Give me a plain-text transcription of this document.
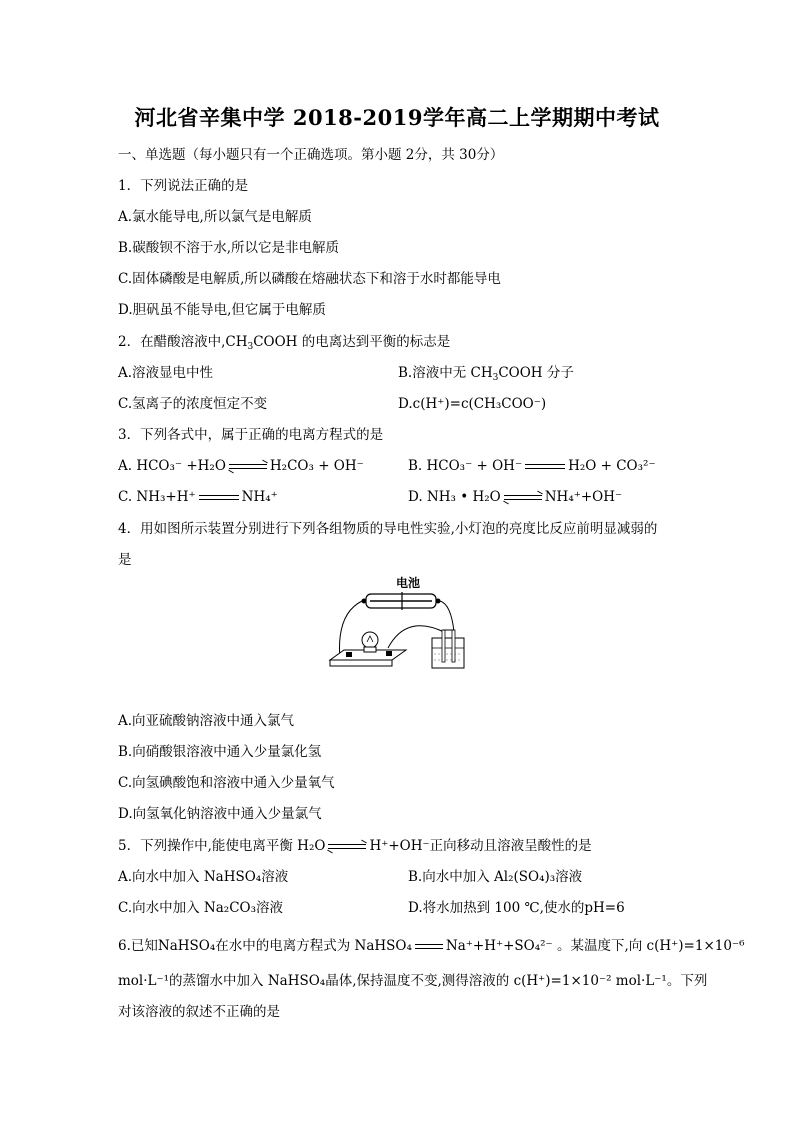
河北省辛集中学 2018-2019学年高二上学期期中考试
一、单选题（每小题只有一个正确选项。第小题 2分，共 30分）
1．下列说法正确的是
A.氯水能导电,所以氯气是电解质
B.碳酸钡不溶于水,所以它是非电解质
C.固体磷酸是电解质,所以磷酸在熔融状态下和溶于水时都能导电
D.胆矾虽不能导电,但它属于电解质
2．在醋酸溶液中$,CH_3COOH$ 的电离达到平衡的标志是
A.溶液显电中性	B.溶液中无 $CH_3COOH$ 分子
C.氢离子的浓度恒定不变	D.c(H⁺)=c(CH₃COO⁻)
3．下列各式中，属于正确的电离方程式的是
A. HCO₃⁻ +H₂O	H₂CO₃ + OH⁻	B. HCO₃⁻ + OH⁻	H₂O + CO₃²⁻
C. NH₃+H⁺	NH₄⁺	D. NH₃ • H₂O	NH₄⁺+OH⁻
4．用如图所示装置分别进行下列各组物质的导电性实验,小灯泡的亮度比反应前明显减弱的
是
电池
A.向亚硫酸钠溶液中通入氯气
B.向硝酸银溶液中通入少量氯化氢
C.向氢碘酸饱和溶液中通入少量氧气
D.向氢氧化钠溶液中通入少量氯气
5．下列操作中,能使电离平衡 H₂O	H⁺+OH⁻正向移动且溶液呈酸性的是
A.向水中加入 NaHSO₄溶液	B.向水中加入 Al₂(SO₄)₃溶液
C.向水中加入 Na₂CO₃溶液	D.将水加热到 100 ℃,使水的pH=6
6.已知NaHSO₄在水中的电离方程式为 NaHSO₄	Na⁺+H⁺+SO₄²⁻ 。某温度下,向 c(H⁺)=1×10⁻⁶
mol·L⁻¹的蒸馏水中加入 NaHSO₄晶体,保持温度不变,测得溶液的 c(H⁺)=1×10⁻² mol·L⁻¹。下列
对该溶液的叙述不正确的是
